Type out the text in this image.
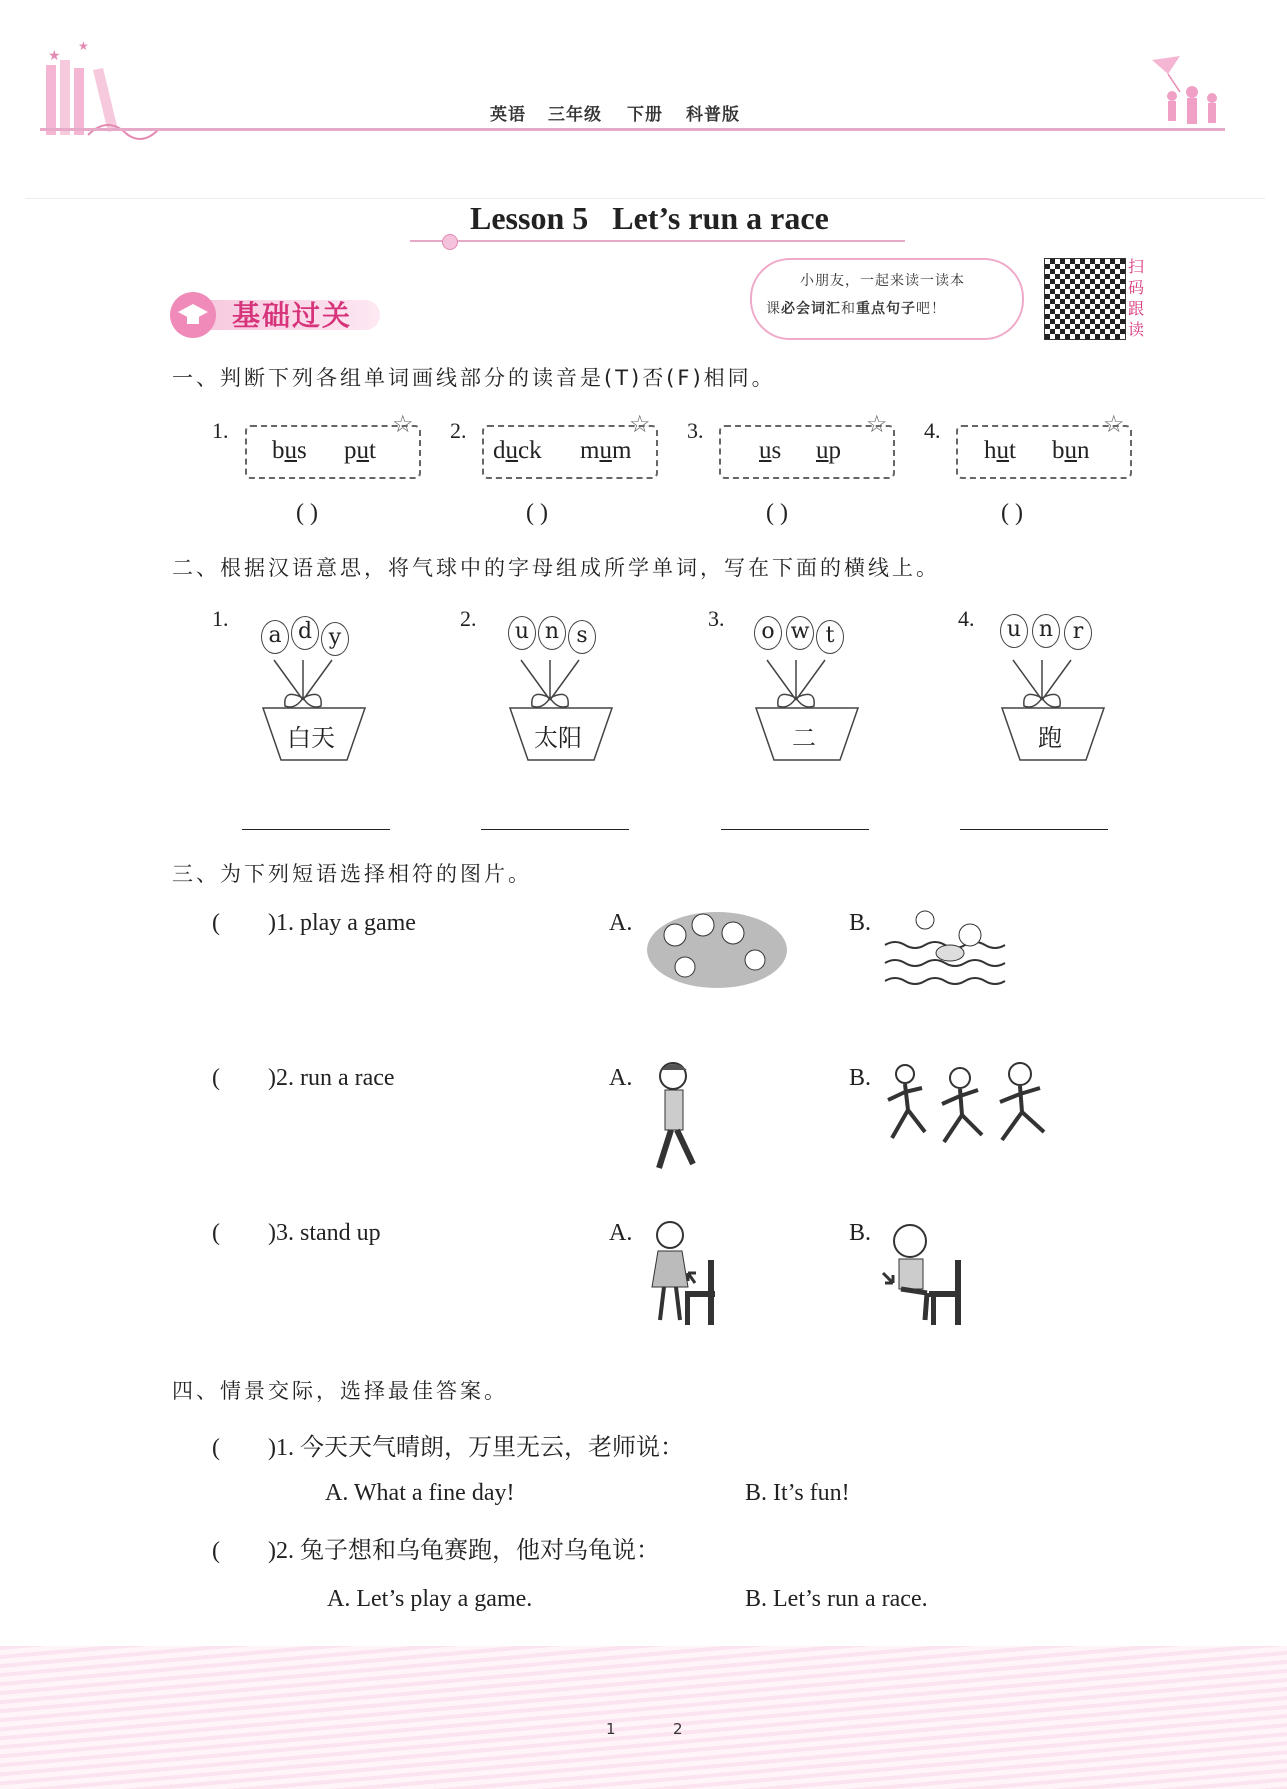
★
★
英语 三年级 下册 科普版
Lesson 5   Let’s run a race
基础过关
小朋友，一起来读一读本
课必会词汇和重点句子吧！
扫码跟读
一、判断下列各组单词画线部分的读音是(T)否(F)相同。
1.
bus put
☆ 2.
duck mum
☆ 3.
us up
☆ 4.
hut bun
☆
( )	( )	( )	( )
二、根据汉语意思，将气球中的字母组成所学单词，写在下面的横线上。
1.
a d y
白天
2.
u n s
太阳
3.
o w t
二
4.	u n r
跑
三、为下列短语选择相符的图片。
(        )1. play a game	A.	B.
(        )2. run a race	A.	B.
(        )3. stand up	A.	B.
四、情景交际，选择最佳答案。
(        )1. 今天天气晴朗，万里无云，老师说：
A. What a fine day!	B. It’s fun!
(        )2. 兔子想和乌龟赛跑，他对乌龟说：
A. Let’s play a game.	B. Let’s run a race.
1	2
